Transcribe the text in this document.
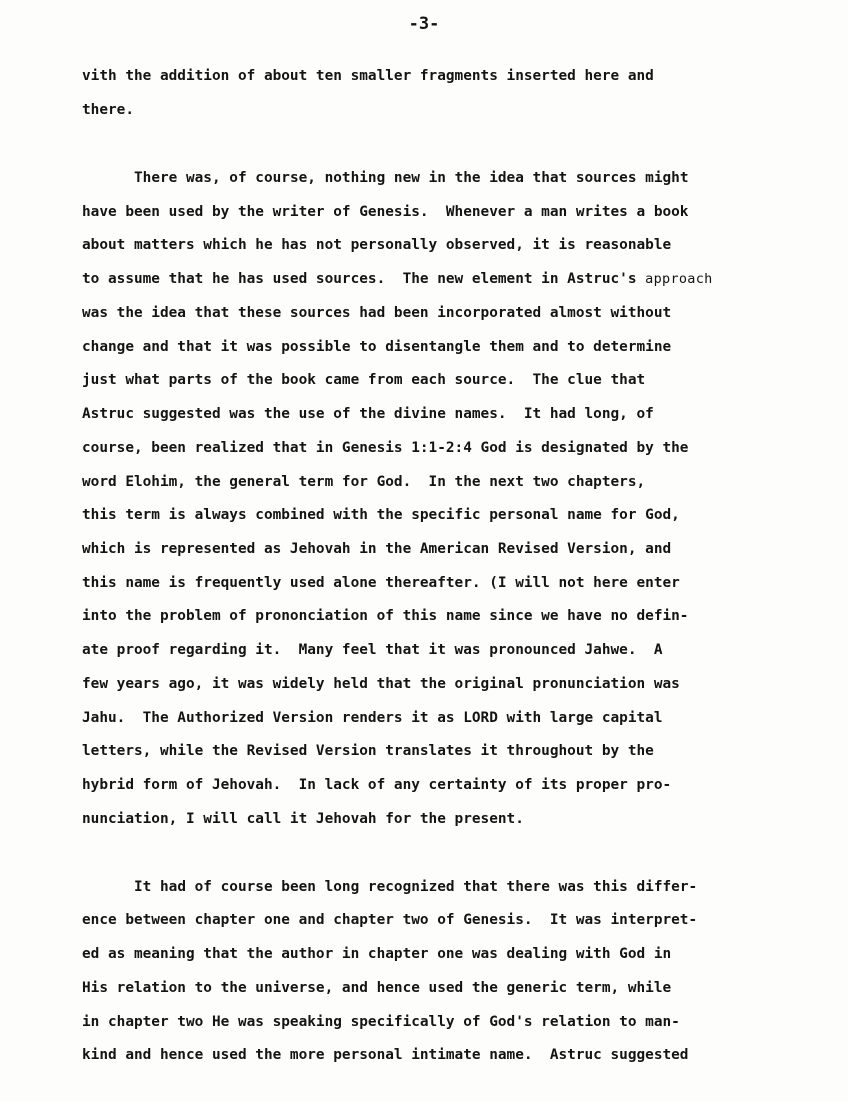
-3-
vith the addition of about ten smaller fragments inserted here and
there.
There was, of course, nothing new in the idea that sources might
have been used by the writer of Genesis.  Whenever a man writes a book
about matters which he has not personally observed, it is reasonable
to assume that he has used sources.  The new element in Astruc's approach
was the idea that these sources had been incorporated almost without
change and that it was possible to disentangle them and to determine
just what parts of the book came from each source.  The clue that
Astruc suggested was the use of the divine names.  It had long, of
course, been realized that in Genesis 1:1-2:4 God is designated by the
word Elohim, the general term for God.  In the next two chapters,
this term is always combined with the specific personal name for God,
which is represented as Jehovah in the American Revised Version, and
this name is frequently used alone thereafter. (I will not here enter
into the problem of prononciation of this name since we have no defin-
ate proof regarding it.  Many feel that it was pronounced Jahwe.  A
few years ago, it was widely held that the original pronunciation was
Jahu.  The Authorized Version renders it as LORD with large capital
letters, while the Revised Version translates it throughout by the
hybrid form of Jehovah.  In lack of any certainty of its proper pro-
nunciation, I will call it Jehovah for the present.
It had of course been long recognized that there was this differ-
ence between chapter one and chapter two of Genesis.  It was interpret-
ed as meaning that the author in chapter one was dealing with God in
His relation to the universe, and hence used the generic term, while
in chapter two He was speaking specifically of God's relation to man-
kind and hence used the more personal intimate name.  Astruc suggested
